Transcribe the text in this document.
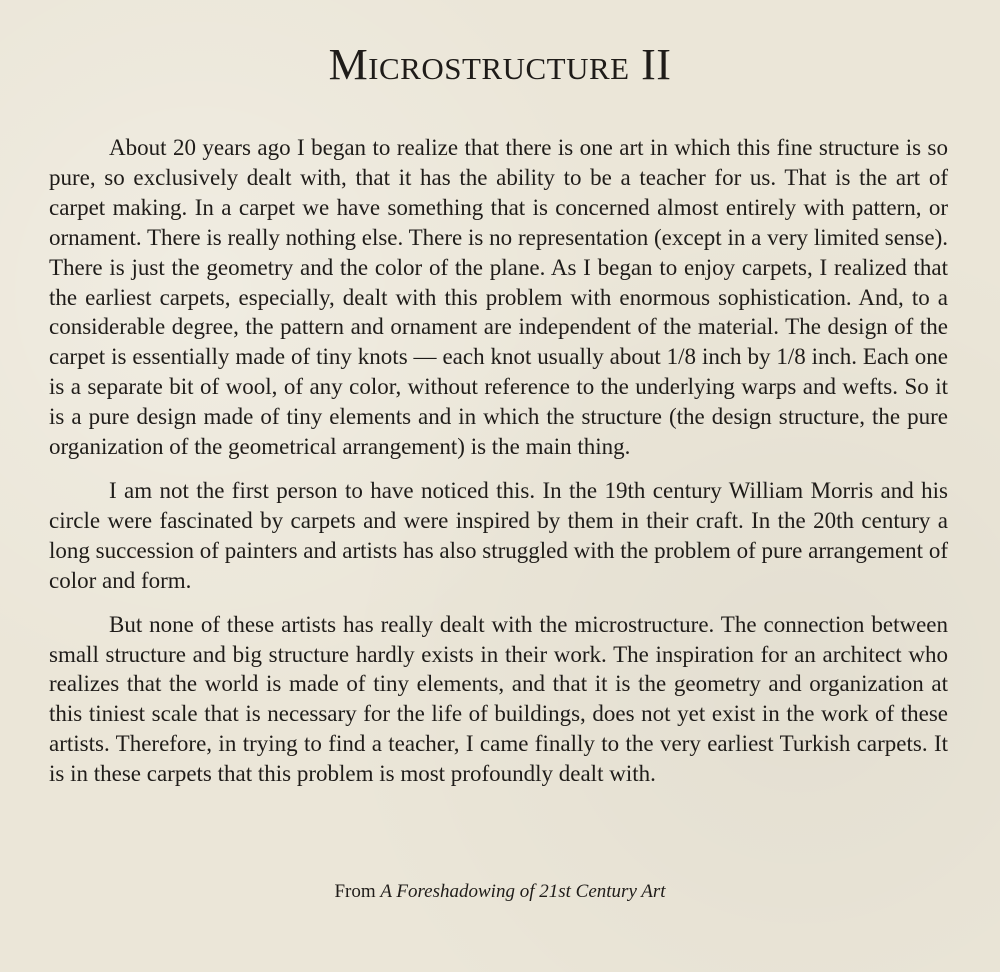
Microstructure II

About 20 years ago I began to realize that there is one art in which this fine structure is so pure, so exclusively dealt with, that it has the ability to be a teacher for us. That is the art of carpet making. In a carpet we have something that is concerned almost entirely with pattern, or ornament. There is really nothing else. There is no representation (except in a very limited sense). There is just the geometry and the color of the plane. As I began to enjoy carpets, I realized that the earliest carpets, especially, dealt with this problem with enormous sophistication. And, to a considerable degree, the pattern and ornament are independent of the material. The design of the carpet is essentially made of tiny knots — each knot usually about 1/8 inch by 1/8 inch. Each one is a separate bit of wool, of any color, without reference to the underlying warps and wefts. So it is a pure design made of tiny elements and in which the structure (the design structure, the pure organization of the geometrical arrangement) is the main thing.

I am not the first person to have noticed this. In the 19th century William Morris and his circle were fascinated by carpets and were inspired by them in their craft. In the 20th century a long succession of painters and artists has also struggled with the problem of pure arrangement of color and form.

But none of these artists has really dealt with the microstructure. The connection between small structure and big structure hardly exists in their work. The inspiration for an architect who realizes that the world is made of tiny elements, and that it is the geometry and organization at this tiniest scale that is necessary for the life of buildings, does not yet exist in the work of these artists. Therefore, in trying to find a teacher, I came finally to the very earliest Turkish carpets. It is in these carpets that this problem is most profoundly dealt with.

From A Foreshadowing of 21st Century Art
